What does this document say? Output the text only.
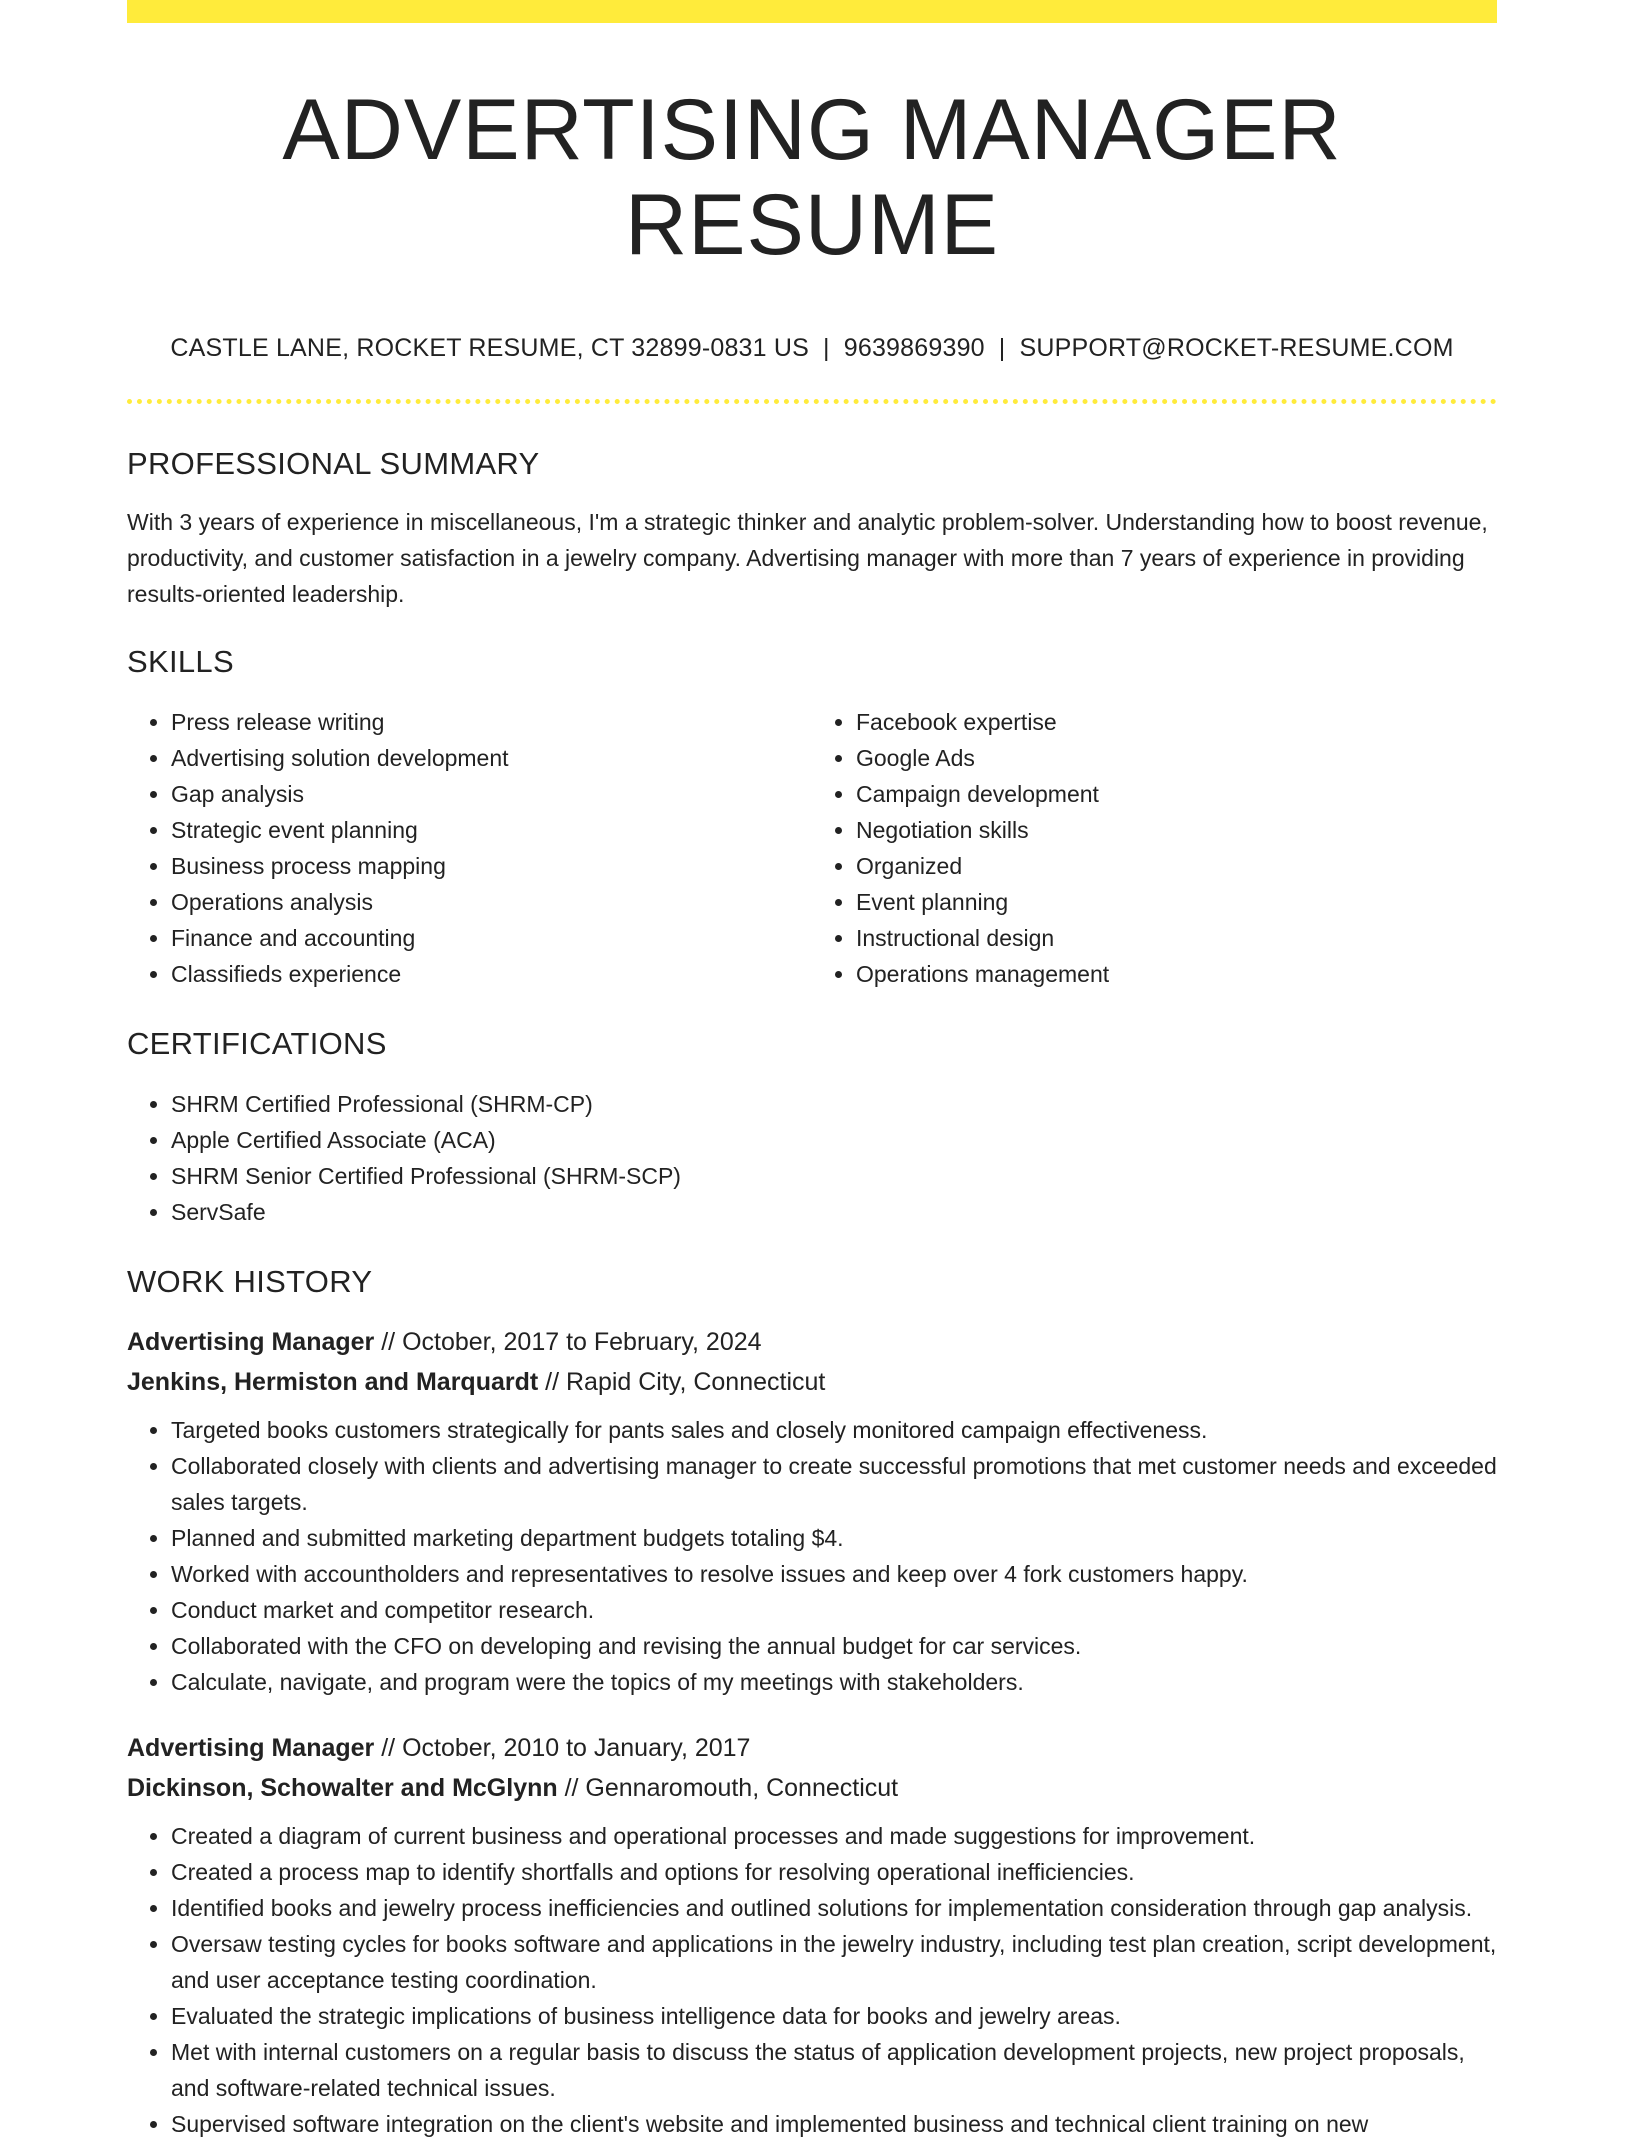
ADVERTISING MANAGER RESUME
CASTLE LANE, ROCKET RESUME, CT 32899-0831 US | 9639869390 | SUPPORT@ROCKET-RESUME.COM
PROFESSIONAL SUMMARY
With 3 years of experience in miscellaneous, I'm a strategic thinker and analytic problem-solver. Understanding how to boost revenue, productivity, and customer satisfaction in a jewelry company. Advertising manager with more than 7 years of experience in providing results-oriented leadership.
SKILLS
• Press release writing
• Advertising solution development
• Gap analysis
• Strategic event planning
• Business process mapping
• Operations analysis
• Finance and accounting
• Classifieds experience
• Facebook expertise
• Google Ads
• Campaign development
• Negotiation skills
• Organized
• Event planning
• Instructional design
• Operations management
CERTIFICATIONS
• SHRM Certified Professional (SHRM-CP)
• Apple Certified Associate (ACA)
• SHRM Senior Certified Professional (SHRM-SCP)
• ServSafe
WORK HISTORY
Advertising Manager // October, 2017 to February, 2024
Jenkins, Hermiston and Marquardt // Rapid City, Connecticut
• Targeted books customers strategically for pants sales and closely monitored campaign effectiveness.
• Collaborated closely with clients and advertising manager to create successful promotions that met customer needs and exceeded sales targets.
• Planned and submitted marketing department budgets totaling $4.
• Worked with accountholders and representatives to resolve issues and keep over 4 fork customers happy.
• Conduct market and competitor research.
• Collaborated with the CFO on developing and revising the annual budget for car services.
• Calculate, navigate, and program were the topics of my meetings with stakeholders.
Advertising Manager // October, 2010 to January, 2017
Dickinson, Schowalter and McGlynn // Gennaromouth, Connecticut
• Created a diagram of current business and operational processes and made suggestions for improvement.
• Created a process map to identify shortfalls and options for resolving operational inefficiencies.
• Identified books and jewelry process inefficiencies and outlined solutions for implementation consideration through gap analysis.
• Oversaw testing cycles for books software and applications in the jewelry industry, including test plan creation, script development, and user acceptance testing coordination.
• Evaluated the strategic implications of business intelligence data for books and jewelry areas.
• Met with internal customers on a regular basis to discuss the status of application development projects, new project proposals, and software-related technical issues.
• Supervised software integration on the client's website and implemented business and technical client training on new
